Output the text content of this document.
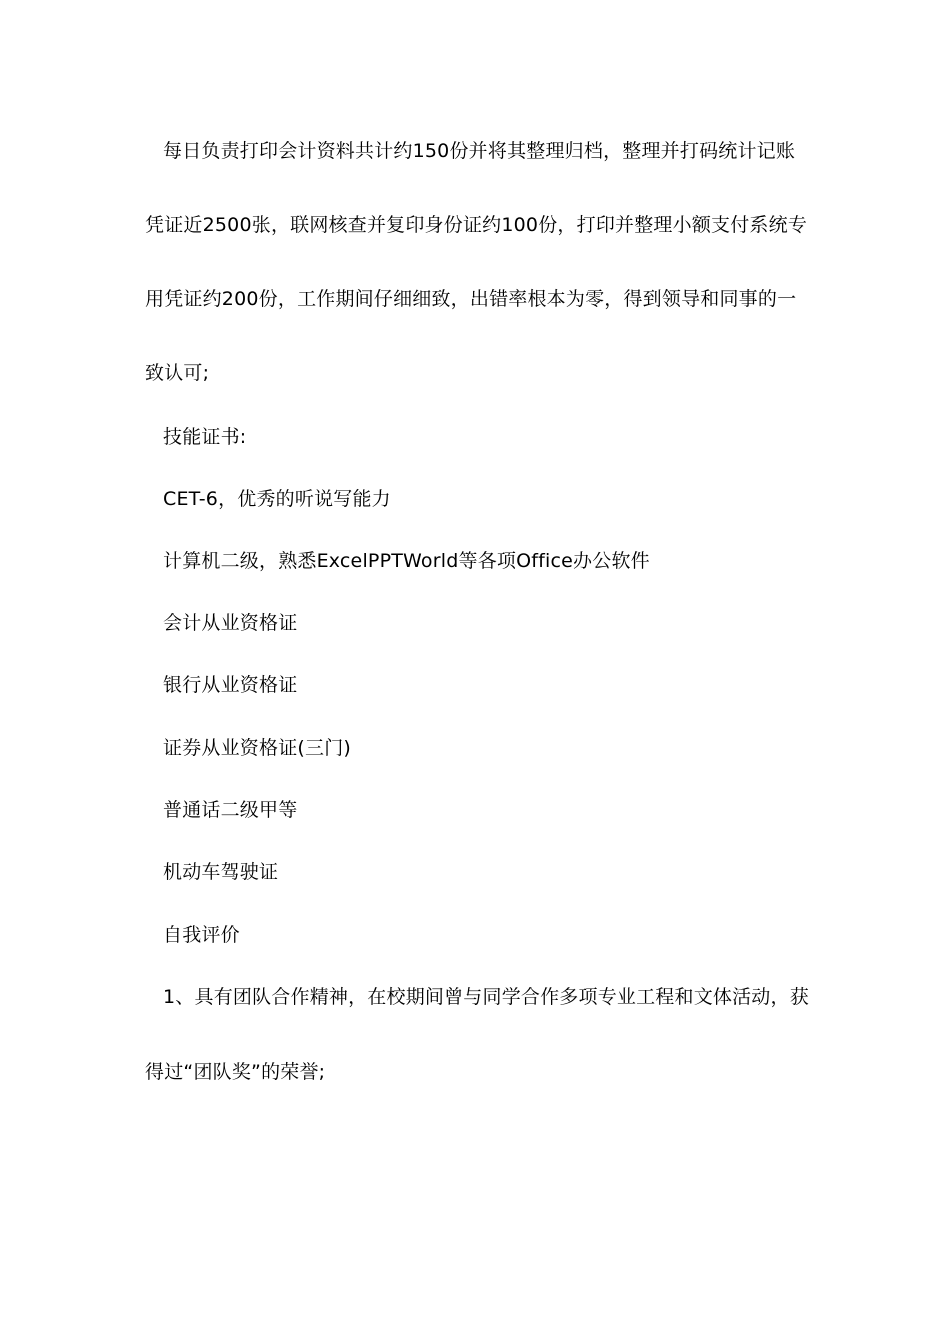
每日负责打印会计资料共计约150份并将其整理归档，整理并打码统计记账
凭证近2500张，联网核查并复印身份证约100份，打印并整理小额支付系统专
用凭证约200份，工作期间仔细细致，出错率根本为零，得到领导和同事的一
致认可;
技能证书:
CET-6，优秀的听说写能力
计算机二级，熟悉ExcelPPTWorld等各项Office办公软件
会计从业资格证
银行从业资格证
证券从业资格证(三门)
普通话二级甲等
机动车驾驶证
自我评价
1、具有团队合作精神，在校期间曾与同学合作多项专业工程和文体活动，获
得过“团队奖”的荣誉;
